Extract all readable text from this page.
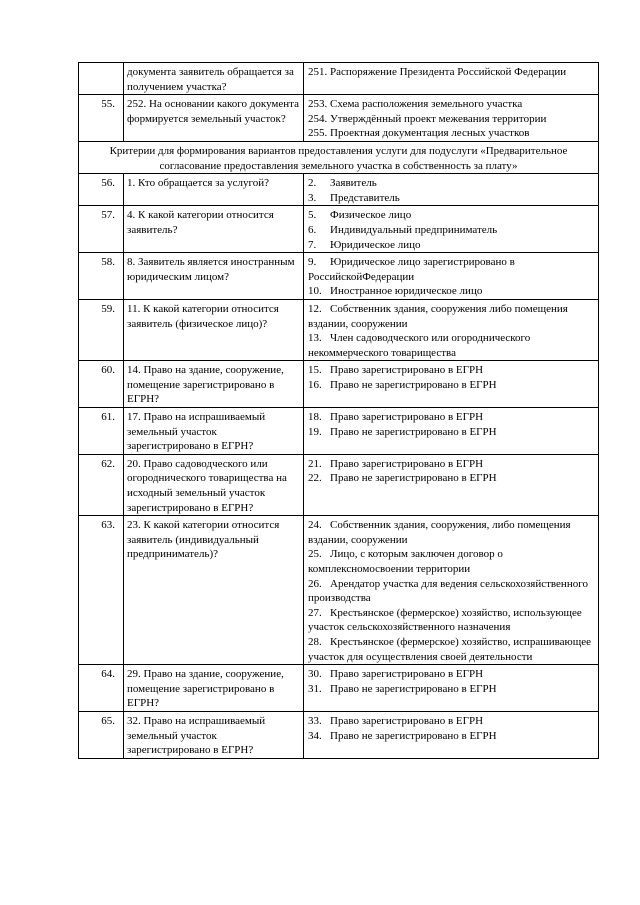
	документа заявитель обращается за получением участка?	251. Распоряжение Президента Российской Федерации

55.	252. На основании какого документа формируется земельный участок?	253. Схема расположения земельного участка
254. Утверждённый проект межевания территории
255. Проектная документация лесных участков

Критерии для формирования вариантов предоставления услуги для подуслуги «Предварительное согласование предоставления земельного участка в собственность за плату»		
56.	1. Кто обращается за услугой?	2. Заявитель
3. Представитель

57.	4. К какой категории относится заявитель?	5. Физическое лицо
6. Индивидуальный предприниматель
7. Юридическое лицо

58.	8. Заявитель является иностранным юридическим лицом?	9. Юридическое лицо зарегистрировано в РоссийскойФедерации
10. Иностранное юридическое лицо

59.	11. К какой категории относится заявитель (физическое лицо)?	12. Собственник здания, сооружения либо помещения вздании, сооружении
13. Член садоводческого или огороднического некоммерческого товарищества

60.	14. Право на здание, сооружение, помещение зарегистрировано в ЕГРН?	15. Право зарегистрировано в ЕГРН
16. Право не зарегистрировано в ЕГРН

61.	17. Право на испрашиваемый земельный участок зарегистрировано в ЕГРН?	18. Право зарегистрировано в ЕГРН
19. Право не зарегистрировано в ЕГРН

62.	20. Право садоводческого или огороднического товарищества на исходный земельный участок зарегистрировано в ЕГРН?	21. Право зарегистрировано в ЕГРН
22. Право не зарегистрировано в ЕГРН

63.	23. К какой категории относится заявитель (индивидуальный предприниматель)?	24. Собственник здания, сооружения, либо помещения вздании, сооружении
25. Лицо, с которым заключен договор о комплексномосвоении территории
26. Арендатор участка для ведения сельскохозяйственного производства
27. Крестьянское (фермерское) хозяйство, использующее участок сельскохозяйственного назначения
28. Крестьянское (фермерское) хозяйство, испрашивающее участок для осуществления своей деятельности

64.	29. Право на здание, сооружение, помещение зарегистрировано в ЕГРН?	30. Право зарегистрировано в ЕГРН
31. Право не зарегистрировано в ЕГРН

65.	32. Право на испрашиваемый земельный участок зарегистрировано в ЕГРН?	33. Право зарегистрировано в ЕГРН
34. Право не зарегистрировано в ЕГРН
